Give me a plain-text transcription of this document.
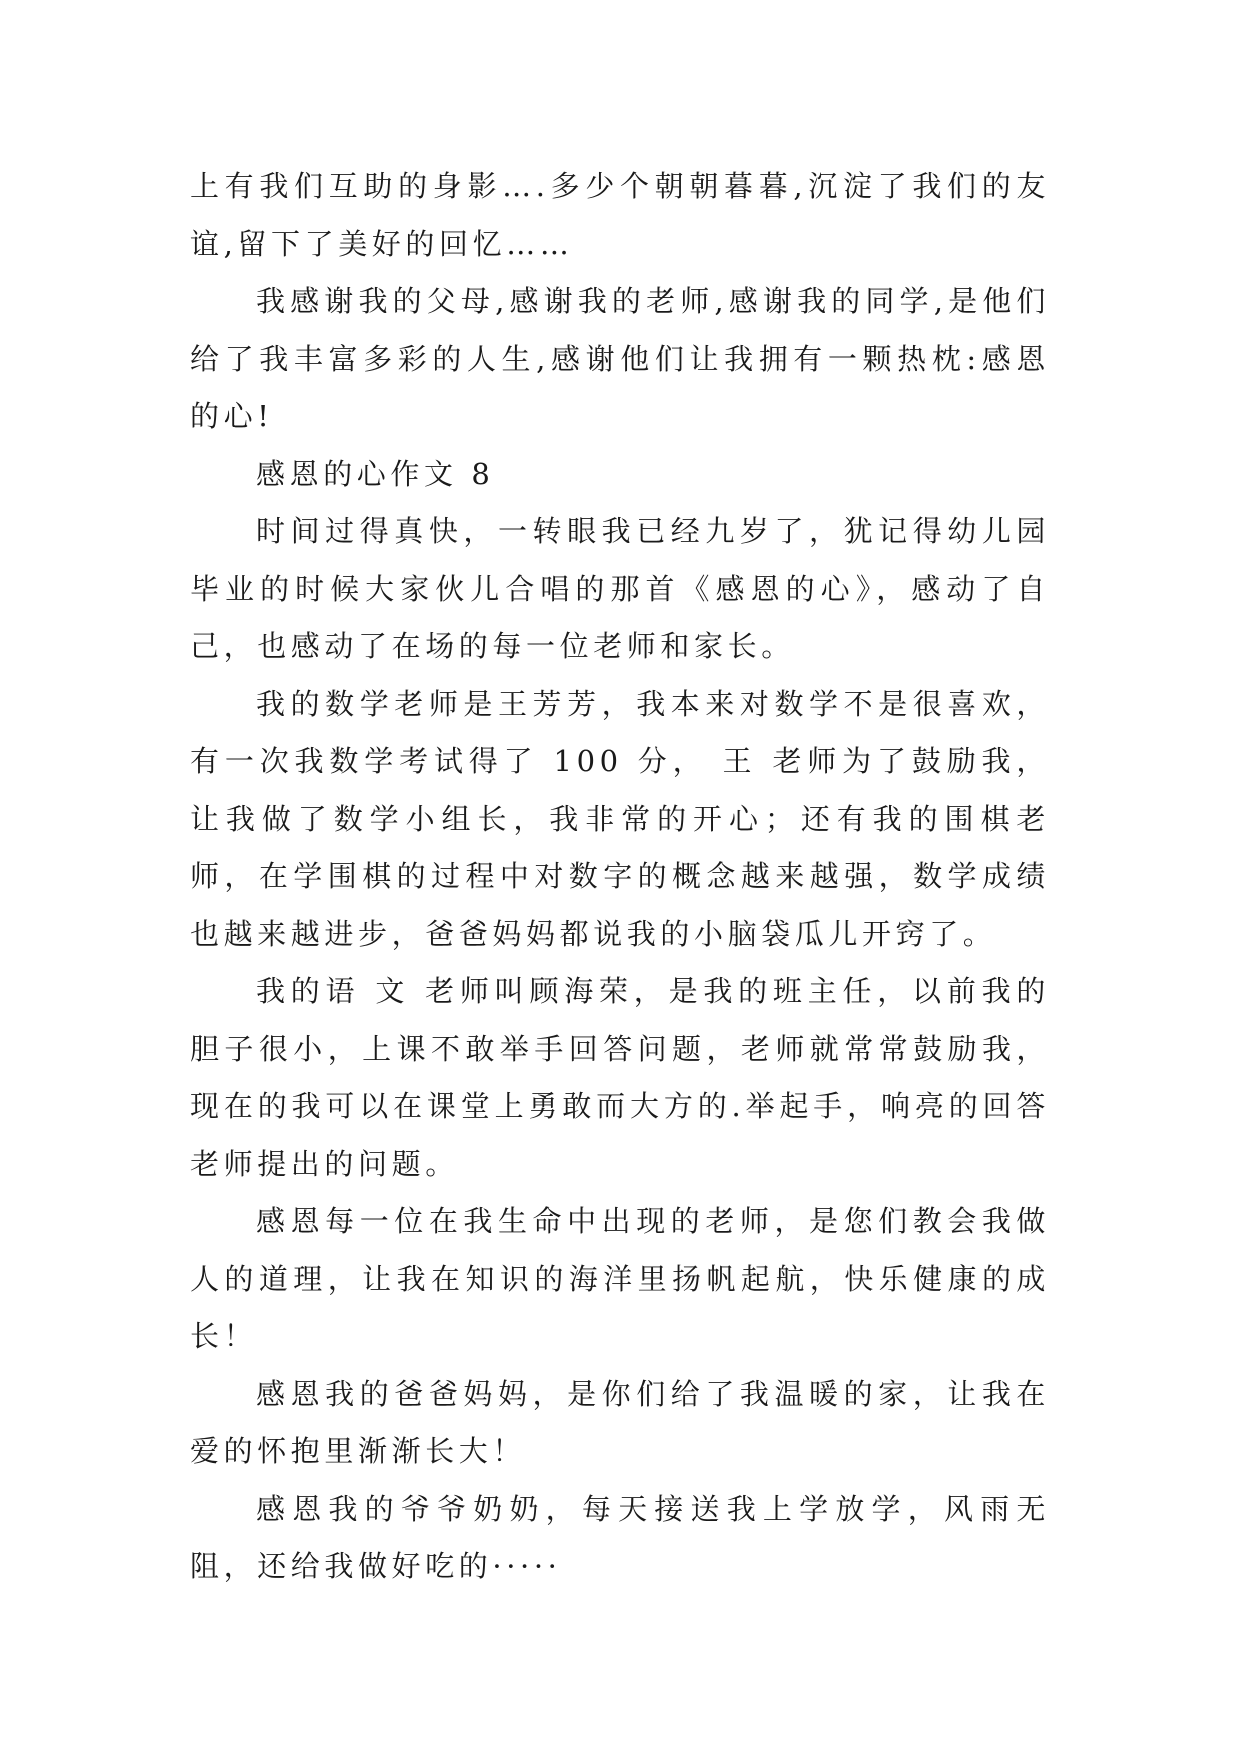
上有我们互助的身影….多少个朝朝暮暮,沉淀了我们的友谊,留下了美好的回忆……

我感谢我的父母,感谢我的老师,感谢我的同学,是他们给了我丰富多彩的人生,感谢他们让我拥有一颗热枕:感恩的心!

感恩的心作文 8

时间过得真快，一转眼我已经九岁了，犹记得幼儿园毕业的时候大家伙儿合唱的那首《感恩的心》，感动了自己，也感动了在场的每一位老师和家长。

我的数学老师是王芳芳，我本来对数学不是很喜欢，有一次我数学考试得了 100 分， 王 老师为了鼓励我，让我做了数学小组长，我非常的开心；还有我的围棋老师，在学围棋的过程中对数字的概念越来越强，数学成绩也越来越进步，爸爸妈妈都说我的小脑袋瓜儿开窍了。

我的语 文 老师叫顾海荣，是我的班主任，以前我的胆子很小，上课不敢举手回答问题，老师就常常鼓励我，现在的我可以在课堂上勇敢而大方的.举起手，响亮的回答老师提出的问题。

感恩每一位在我生命中出现的老师，是您们教会我做人的道理，让我在知识的海洋里扬帆起航，快乐健康的成长！

感恩我的爸爸妈妈，是你们给了我温暖的家，让我在爱的怀抱里渐渐长大！

感恩我的爷爷奶奶，每天接送我上学放学，风雨无阻，还给我做好吃的·····
